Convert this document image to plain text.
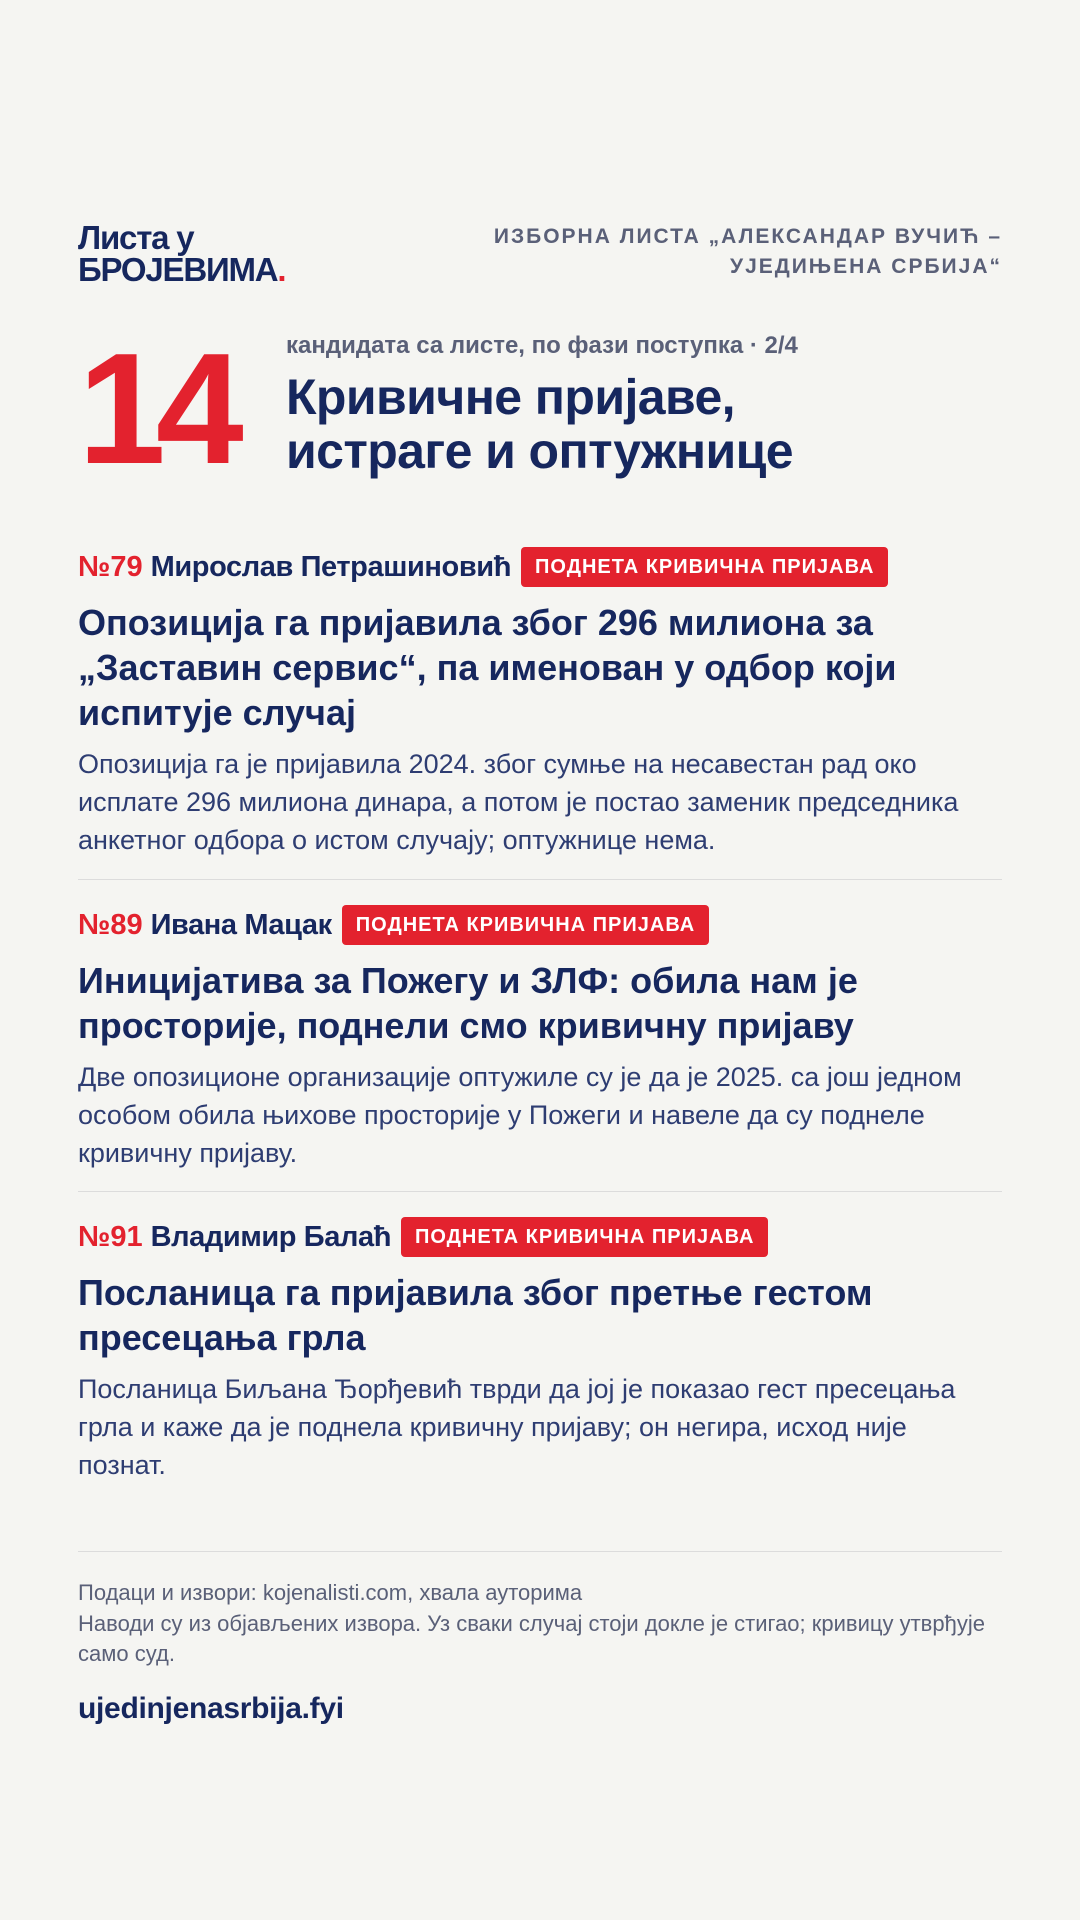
Листа у
БРОЈЕВИМА.
ИЗБОРНА ЛИСТА „АЛЕКСАНДАР ВУЧИЋ – УЈЕДИЊЕНА СРБИЈА“
14 кандидата са листе, по фази поступка · 2/4
Кривичне пријаве,
истраге и оптужнице
№79 Мирослав Петрашиновић	ПОДНЕТА КРИВИЧНА ПРИЈАВА
Опозиција га пријавила због 296 милиона за „Заставин сервис“, па именован у одбор који испитује случај
Опозиција га је пријавила 2024. због сумње на несавестан рад око исплате 296 милиона динара, а потом је постао заменик председника анкетног одбора о истом случају; оптужнице нема.
№89 Ивана Мацак	ПОДНЕТА КРИВИЧНА ПРИЈАВА
Иницијатива за Пожегу и ЗЛФ: обила нам је просторије, поднели смо кривичну пријаву
Две опозиционе организације оптужиле су је да је 2025. са још једном особом обила њихове просторије у Пожеги и навеле да су поднеле кривичну пријаву.
№91 Владимир Балаћ	ПОДНЕТА КРИВИЧНА ПРИЈАВА
Посланица га пријавила због претње гестом пресецања грла
Посланица Биљана Ђорђевић тврди да јој је показао гест пресецања грла и каже да је поднела кривичну пријаву; он негира, исход није познат.
Подаци и извори: kojenalisti.com, хвала ауторима
Наводи су из објављених извора. Уз сваки случај стоји докле је стигао; кривицу утврђује само суд.
ujedinjenasrbija.fyi
